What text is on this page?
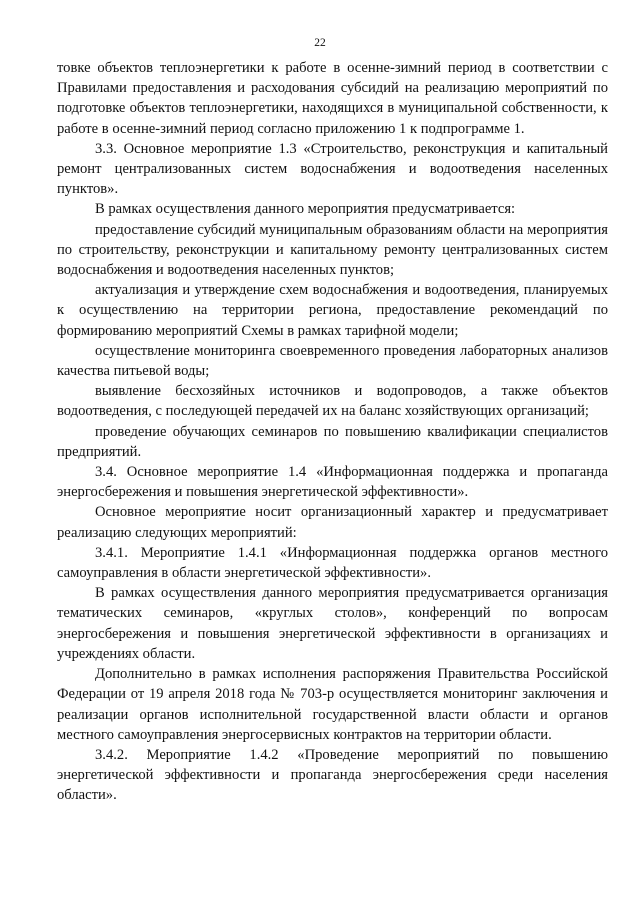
22

товке объектов теплоэнергетики к работе в осенне-зимний период в соответствии с Правилами предоставления и расходования субсидий на реализацию мероприятий по подготовке объектов теплоэнергетики, находящихся в муниципальной собственности, к работе в осенне-зимний период согласно приложению 1 к подпрограмме 1.

3.3. Основное мероприятие 1.3 «Строительство, реконструкция и капитальный ремонт централизованных систем водоснабжения и водоотведения населенных пунктов».

В рамках осуществления данного мероприятия предусматривается:

предоставление субсидий муниципальным образованиям области на мероприятия по строительству, реконструкции и капитальному ремонту централизованных систем водоснабжения и водоотведения населенных пунктов;

актуализация и утверждение схем водоснабжения и водоотведения, планируемых к осуществлению на территории региона, предоставление рекомендаций по формированию мероприятий Схемы в рамках тарифной модели;

осуществление мониторинга своевременного проведения лабораторных анализов качества питьевой воды;

выявление бесхозяйных источников и водопроводов, а также объектов водоотведения, с последующей передачей их на баланс хозяйствующих организаций;

проведение обучающих семинаров по повышению квалификации специалистов предприятий.

3.4. Основное мероприятие 1.4 «Информационная поддержка и пропаганда энергосбережения и повышения энергетической эффективности».

Основное мероприятие носит организационный характер и предусматривает реализацию следующих мероприятий:

3.4.1. Мероприятие 1.4.1 «Информационная поддержка органов местного самоуправления в области энергетической эффективности».

В рамках осуществления данного мероприятия предусматривается организация тематических семинаров, «круглых столов», конференций по вопросам энергосбережения и повышения энергетической эффективности в организациях и учреждениях области.

Дополнительно в рамках исполнения распоряжения Правительства Российской Федерации от 19 апреля 2018 года № 703-р осуществляется мониторинг заключения и реализации органов исполнительной государственной власти области и органов местного самоуправления энергосервисных контрактов на территории области.

3.4.2. Мероприятие 1.4.2 «Проведение мероприятий по повышению энергетической эффективности и пропаганда энергосбережения среди населения области».
